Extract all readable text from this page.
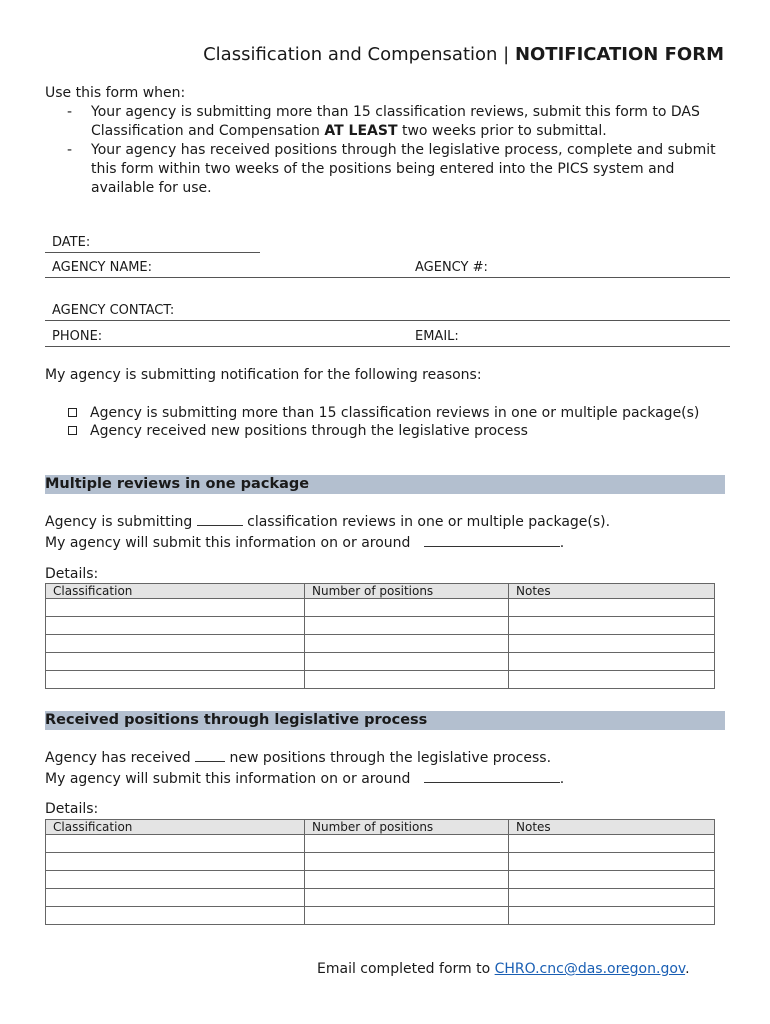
Classification and Compensation | NOTIFICATION FORM
Use this form when:
- Your agency is submitting more than 15 classification reviews, submit this form to DAS Classification and Compensation AT LEAST two weeks prior to submittal.
- Your agency has received positions through the legislative process, complete and submit this form within two weeks of the positions being entered into the PICS system and available for use.
DATE:
AGENCY NAME:	AGENCY #:
AGENCY CONTACT:
PHONE:	EMAIL:
My agency is submitting notification for the following reasons:
Agency is submitting more than 15 classification reviews in one or multiple package(s)
Agency received new positions through the legislative process
Multiple reviews in one package
Agency is submitting	classification reviews in one or multiple package(s).
My agency will submit this information on or around	.
Details:
Classification	Number of positions	Notes

Received positions through legislative process
Agency has received	new positions through the legislative process.
My agency will submit this information on or around	.
Details:
Classification	Number of positions	Notes

Email completed form to CHRO.cnc@das.oregon.gov.
